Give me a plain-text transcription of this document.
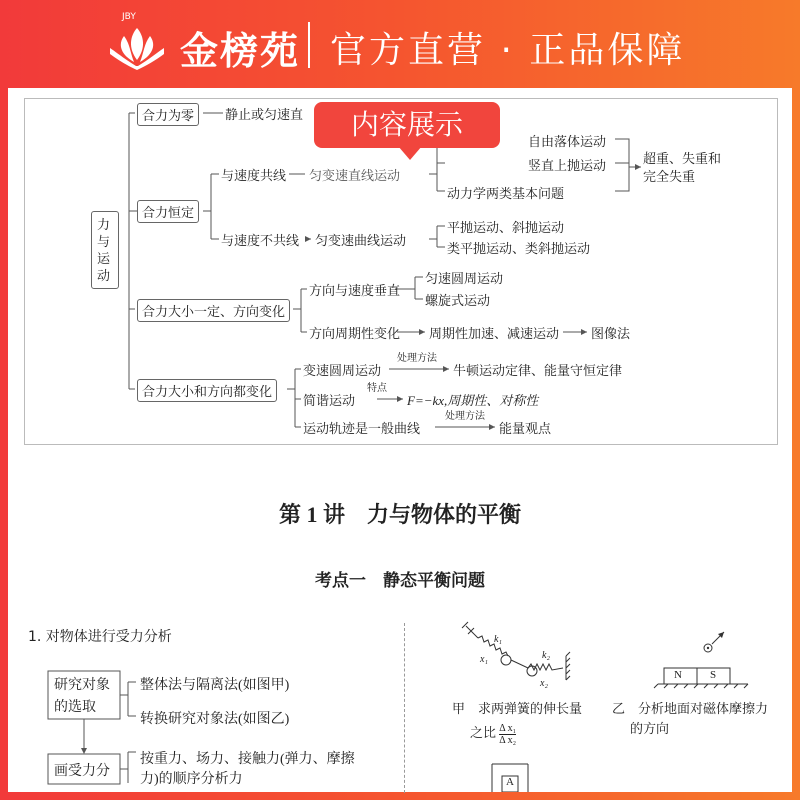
JBY
金榜苑 官方直营 · 正品保障
力与运动
合力为零	静止或匀速直
合力恒定
与速度共线 匀变速直线运动
自由落体运动
竖直上抛运动
动力学两类基本问题
超重、失重和
完全失重
与速度不共线 匀变速曲线运动
平抛运动、斜抛运动
类平抛运动、类斜抛运动
合力大小一定、方向变化
方向与速度垂直
匀速圆周运动
螺旋式运动
方向周期性变化 周期性加速、减速运动 图像法
合力大小和方向都变化
变速圆周运动
处理方法
牛顿运动定律、能量守恒定律
简谐运动
特点
F=−kx,周期性、对称性
运动轨迹是一般曲线
处理方法
能量观点
内容展示
第 1 讲　力与物体的平衡
考点一　静态平衡问题
1. 对物体进行受力分析
研究对象
的选取
整体法与隔离法(如图甲)
转换研究对象法(如图乙)
画受力分
按重力、场力、接触力(弹力、摩擦
力)的顺序分析力
k₁
x₁	k₂
x₂
N	S
甲　求两弹簧的伸长量
之比 $\frac{\text{Δ x₁}}{\text{Δ x₂}}$
乙　分析地面对磁体摩擦力
的方向
A
